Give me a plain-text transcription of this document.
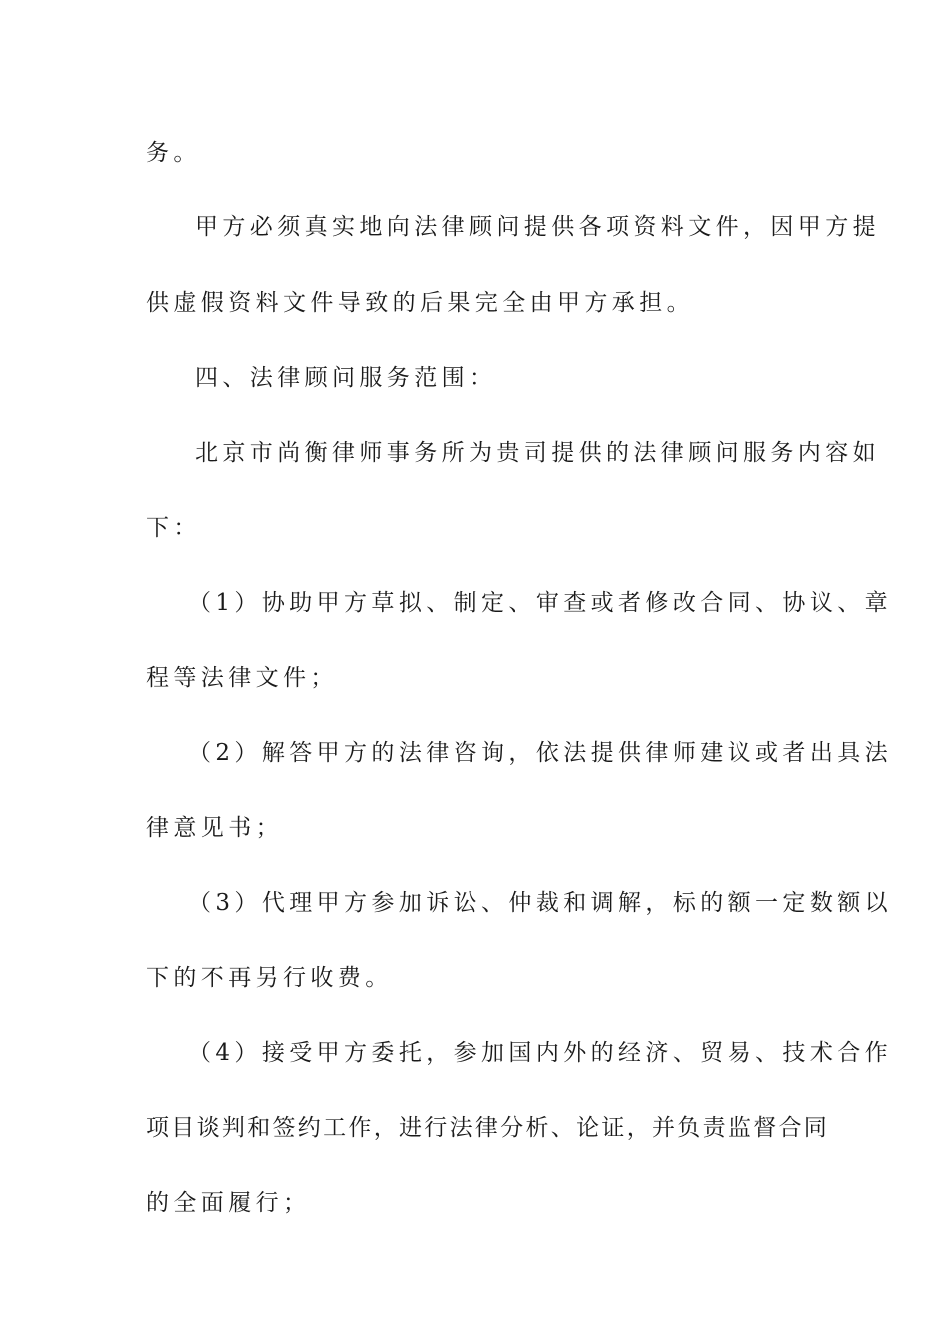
务。
甲方必须真实地向法律顾问提供各项资料文件，因甲方提
供虚假资料文件导致的后果完全由甲方承担。
四、法律顾问服务范围：
北京市尚衡律师事务所为贵司提供的法律顾问服务内容如
下：
（1）协助甲方草拟、制定、审查或者修改合同、协议、章
程等法律文件；
（2）解答甲方的法律咨询，依法提供律师建议或者出具法
律意见书；
（3）代理甲方参加诉讼、仲裁和调解，标的额一定数额以
下的不再另行收费。
（4）接受甲方委托，参加国内外的经济、贸易、技术合作
项目谈判和签约工作，进行法律分析、论证，并负责监督合同
的全面履行；
